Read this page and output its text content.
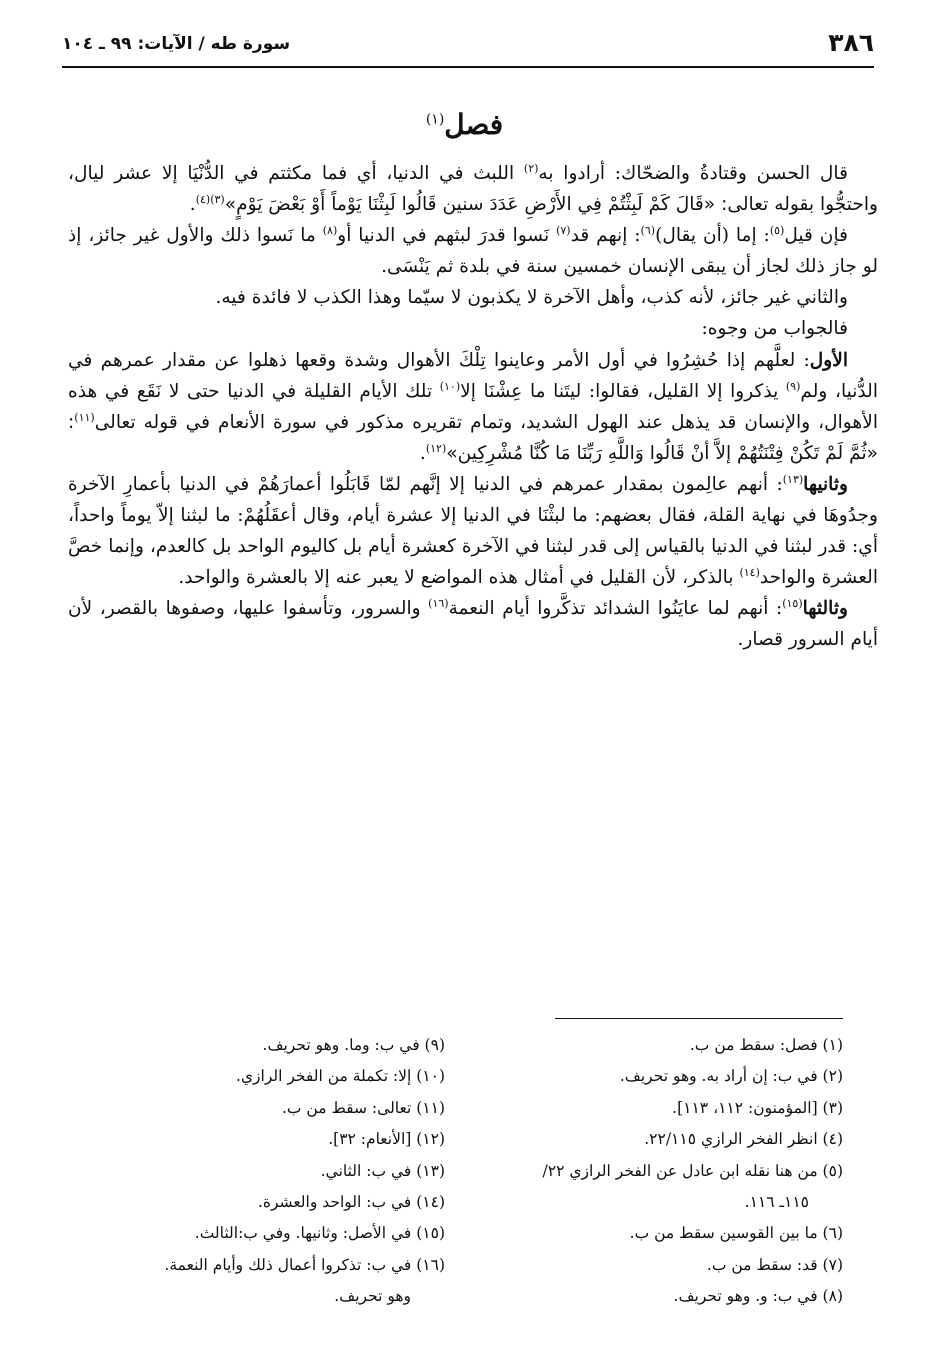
٣٨٦
سورة طه / الآيات: ٩٩ ـ ١٠٤
فصل$^{(١)}$

قال الحسن وقتادةُ والضحّاك: أرادوا به$^{(٢)}$ اللبث في الدنيا، أي فما مكثتم في الدُّنْيَا إلا عشر ليال، واحتجُّوا بقوله تعالى: «قَالَ كَمْ لَبِثْتُمْ فِي الأَرْضِ عَدَدَ سنين قَالُوا لَبِثْنَا يَوْماً أَوْ بَعْضَ يَوْمٍ»$^{(٣)(٤)}$.

فإن قيل$^{(٥)}$: إما (أن يقال)$^{(٦)}$: إنهم قد$^{(٧)}$ نَسوا قدرَ لبثهم في الدنيا أو$^{(٨)}$ ما نَسوا ذلك والأول غير جائز، إذ لو جاز ذلك لجاز أن يبقى الإنسان خمسين سنة في بلدة ثم يَنْسَى.

والثاني غير جائز، لأنه كذب، وأهل الآخرة لا يكذبون لا سيّما وهذا الكذب لا فائدة فيه.

فالجواب من وجوه:

الأول: لعلَّهم إذا حُشِرُوا في أول الأمر وعاينوا تِلْكَ الأهوال وشدة وقعها ذهلوا عن مقدار عمرهم في الدُّنيا، ولم$^{(٩)}$ يذكروا إلا القليل، فقالوا: ليتَنا ما عِشْنَا إلا$^{(١٠)}$ تلك الأيام القليلة في الدنيا حتى لا نَقَع في هذه الأهوال، والإنسان قد يذهل عند الهول الشديد، وتمام تقريره مذكور في سورة الأنعام في قوله تعالى$^{(١١)}$: «ثُمَّ لَمْ تَكُنْ فِتْنَتُهُمْ إلاَّ أنْ قَالُوا وَاللَّهِ رَبِّنَا مَا كُنَّا مُشْرِكِين»$^{(١٢)}$.

وثانيها$^{(١٣)}$: أنهم عالِمون بمقدار عمرهم في الدنيا إلا إنَّهم لمّا قَابَلُوا أعمارَهُمْ في الدنيا بأعمارِ الآخرة وجدُوهَا في نهاية القلة، فقال بعضهم: ما لبثْنَا في الدنيا إلا عشرة أيام، وقال أعقَلُهُمْ: ما لبثنا إلاّ يوماً واحداً، أي: قدر لبثنا في الدنيا بالقياس إلى قدر لبثنا في الآخرة كعشرة أيام بل كاليوم الواحد بل كالعدم، وإنما خصَّ العشرة والواحد$^{(١٤)}$ بالذكر، لأن القليل في أمثال هذه المواضع لا يعبر عنه إلا بالعشرة والواحد.

وثالثها$^{(١٥)}$: أنهم لما عايَنُوا الشدائد تذكَّروا أيام النعمة$^{(١٦)}$ والسرور، وتأسفوا عليها، وصفوها بالقصر، لأن أيام السرور قصار.

(١) فصل: سقط من ب.

(٢) في ب: إن أراد به. وهو تحريف.

(٣) [المؤمنون: ١١٢، ١١٣].

(٤) انظر الفخر الرازي ٢٢/١١٥.

(٥) من هنا نقله ابن عادل عن الفخر الرازي ٢٢/
١١٥ـ ١١٦.

(٦) ما بين القوسين سقط من ب.

(٧) قد: سقط من ب.

(٨) في ب: و. وهو تحريف.

(٩) في ب: وما. وهو تحريف.

(١٠) إلا: تكملة من الفخر الرازي.

(١١) تعالى: سقط من ب.

(١٢) [الأنعام: ٣٢].

(١٣) في ب: الثاني.

(١٤) في ب: الواحد والعشرة.

(١٥) في الأصل: وثانيها. وفي ب:الثالث.

(١٦) في ب: تذكروا أعمال ذلك وأيام النعمة.
وهو تحريف.
